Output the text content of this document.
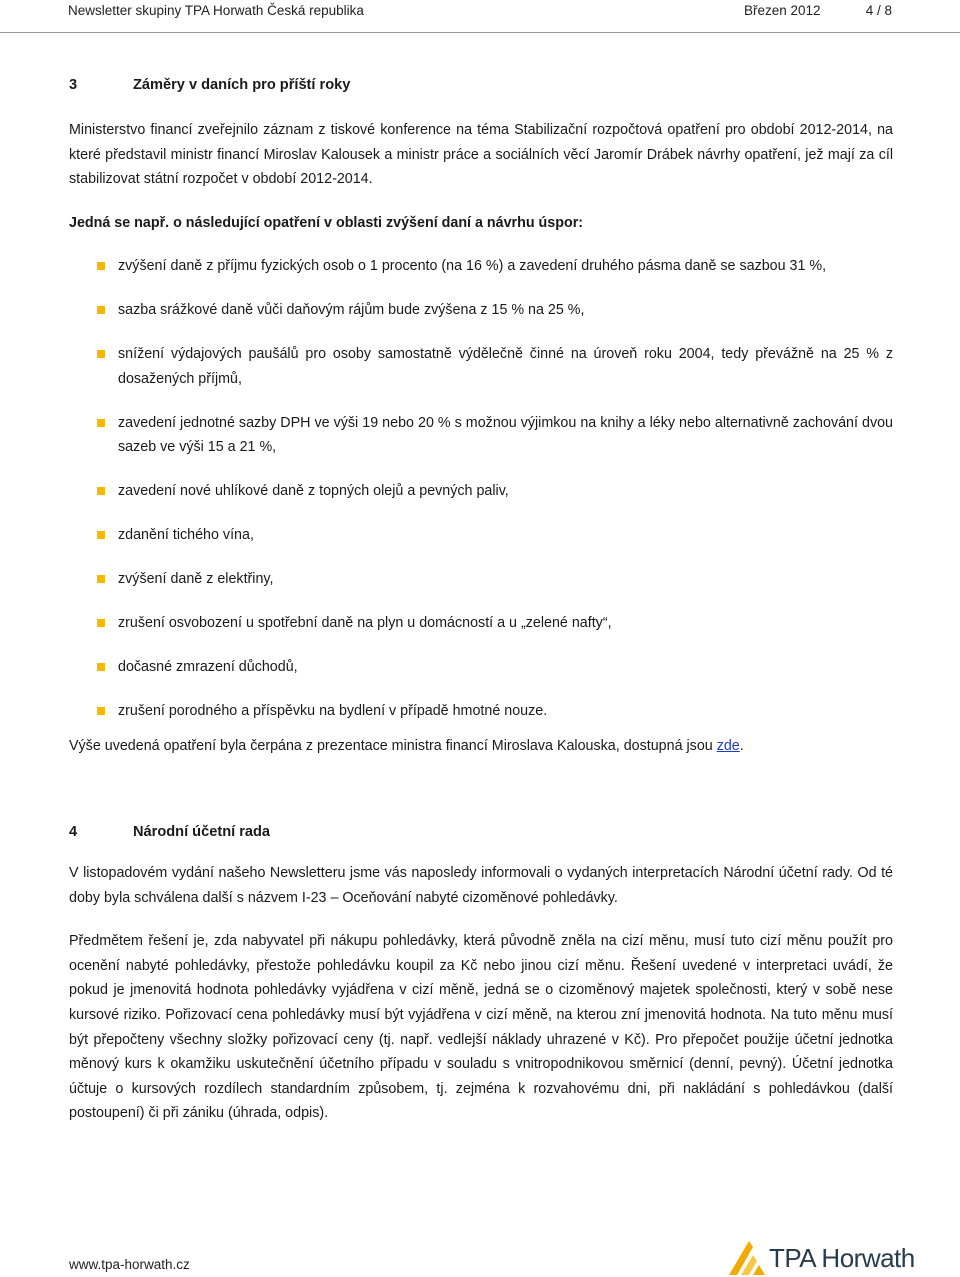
Newsletter skupiny TPA Horwath Česká republika	Březen 2012	4 / 8
3	Záměry v daních pro příští roky

Ministerstvo financí zveřejnilo záznam z tiskové konference na téma Stabilizační rozpočtová opatření pro období 2012-2014, na které představil ministr financí Miroslav Kalousek a ministr práce a sociálních věcí Jaromír Drábek návrhy opatření, jež mají za cíl stabilizovat státní rozpočet v období 2012-2014.

Jedná se např. o následující opatření v oblasti zvýšení daní a návrhu úspor:

zvýšení daně z příjmu fyzických osob o 1 procento (na 16 %) a zavedení druhého pásma daně se sazbou 31 %,
sazba srážkové daně vůči daňovým rájům bude zvýšena z 15 % na 25 %,
snížení výdajových paušálů pro osoby samostatně výdělečně činné na úroveň roku 2004, tedy převážně na 25 % z dosažených příjmů,
zavedení jednotné sazby DPH ve výši 19 nebo 20 % s možnou výjimkou na knihy a léky nebo alternativně zachování dvou sazeb ve výši 15 a 21 %,
zavedení nové uhlíkové daně z topných olejů a pevných paliv,
zdanění tichého vína,
zvýšení daně z elektřiny,
zrušení osvobození u spotřební daně na plyn u domácností a u „zelené nafty“,
dočasné zmrazení důchodů,
zrušení porodného a příspěvku na bydlení v případě hmotné nouze.

Výše uvedená opatření byla čerpána z prezentace ministra financí Miroslava Kalouska, dostupná jsou zde.

4	Národní účetní rada

V listopadovém vydání našeho Newsletteru jsme vás naposledy informovali o vydaných interpretacích Národní účetní rady. Od té doby byla schválena další s názvem I-23 – Oceňování nabyté cizoměnové pohledávky.

Předmětem řešení je, zda nabyvatel při nákupu pohledávky, která původně zněla na cizí měnu, musí tuto cizí měnu použít pro ocenění nabyté pohledávky, přestože pohledávku koupil za Kč nebo jinou cizí měnu. Řešení uvedené v interpretaci uvádí, že pokud je jmenovitá hodnota pohledávky vyjádřena v cizí měně, jedná se o cizoměnový majetek společnosti, který v sobě nese kursové riziko. Pořizovací cena pohledávky musí být vyjádřena v cizí měně, na kterou zní jmenovitá hodnota. Na tuto měnu musí být přepočteny všechny složky pořizovací ceny (tj. např. vedlejší náklady uhrazené v Kč). Pro přepočet použije účetní jednotka měnový kurs k okamžiku uskutečnění účetního případu v souladu s vnitropodnikovou směrnicí (denní, pevný). Účetní jednotka účtuje o kursových rozdílech standardním způsobem, tj. zejména k rozvahovému dni, při nakládání s pohledávkou (další postoupení) či při zániku (úhrada, odpis).

www.tpa-horwath.cz	TPA Horwath
